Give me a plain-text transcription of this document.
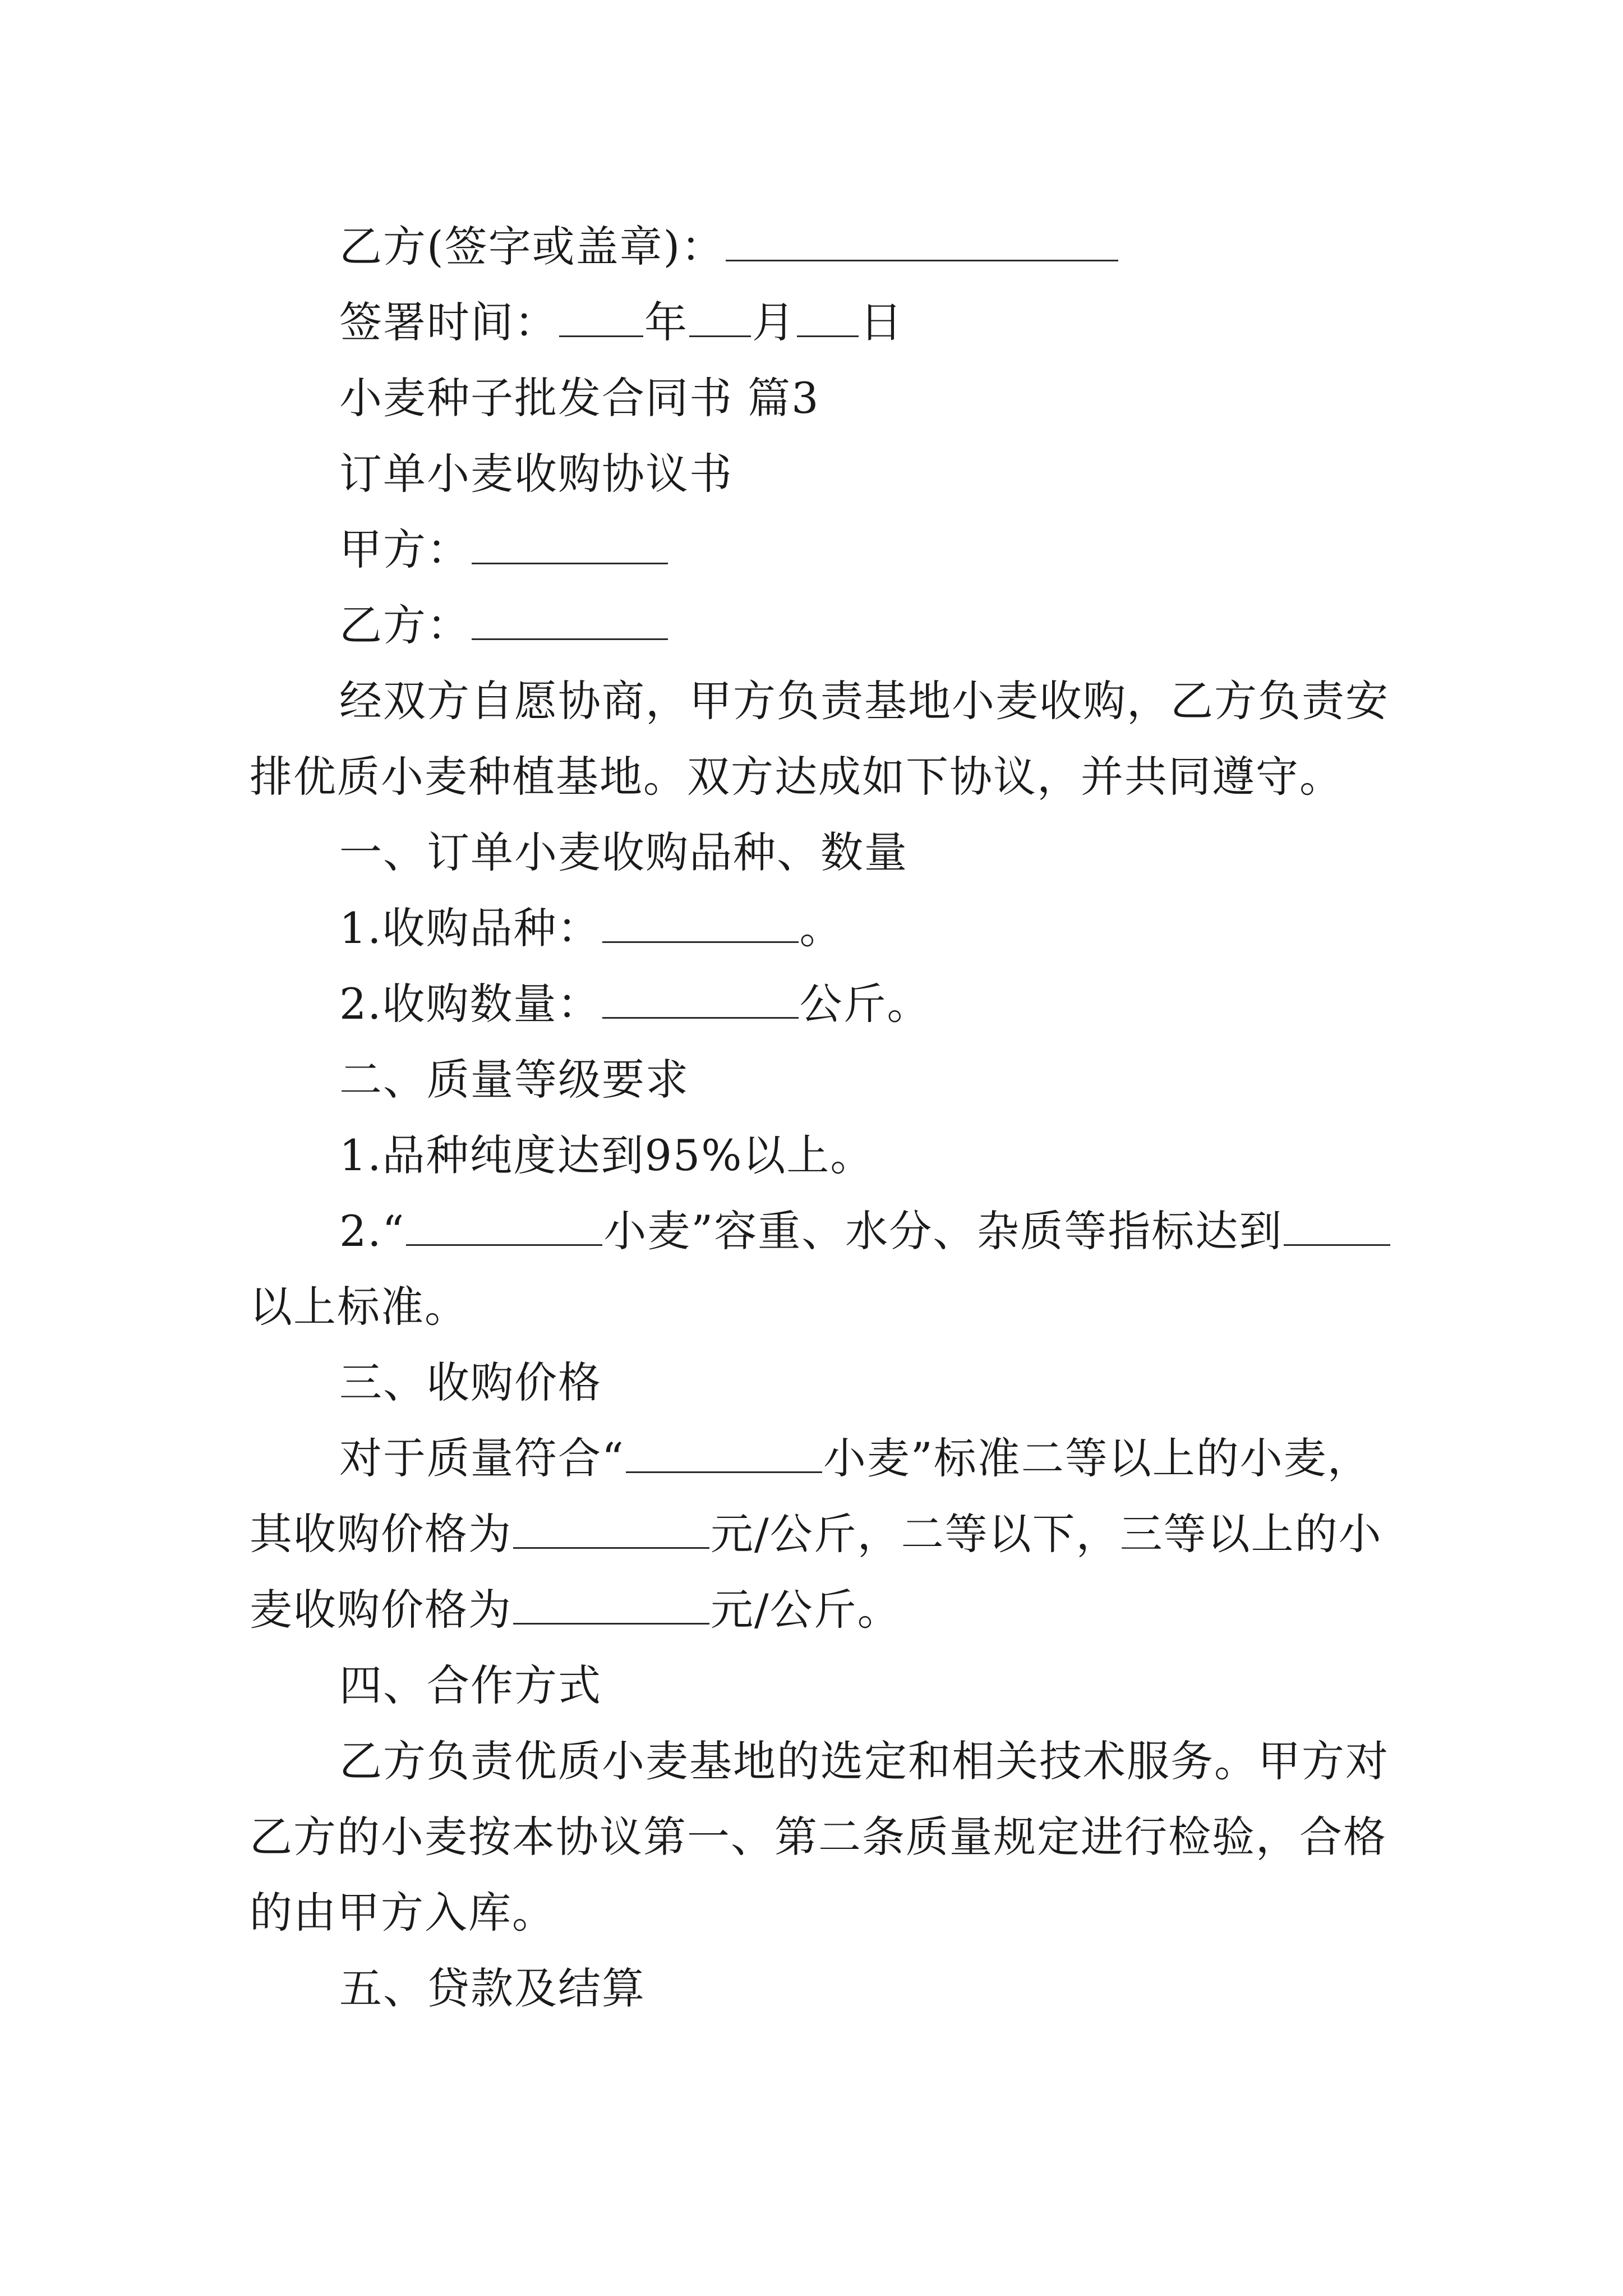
乙方(签字或盖章)：
签署时间： 年 月 日
小麦种子批发合同书 篇3
订单小麦收购协议书
甲方：
乙方：
经双方自愿协商，甲方负责基地小麦收购，乙方负责安
排优质小麦种植基地。双方达成如下协议，并共同遵守。
一、订单小麦收购品种、数量
1.收购品种：	。
2.收购数量：	公斤。
二、质量等级要求
1.品种纯度达到95%以上。
2.“	小麦”容重、水分、杂质等指标达到
以上标准。
三、收购价格
对于质量符合“	小麦”标准二等以上的小麦，
其收购价格为	元/公斤，二等以下，三等以上的小
麦收购价格为	元/公斤。
四、合作方式
乙方负责优质小麦基地的选定和相关技术服务。甲方对
乙方的小麦按本协议第一、第二条质量规定进行检验，合格
的由甲方入库。
五、贷款及结算
